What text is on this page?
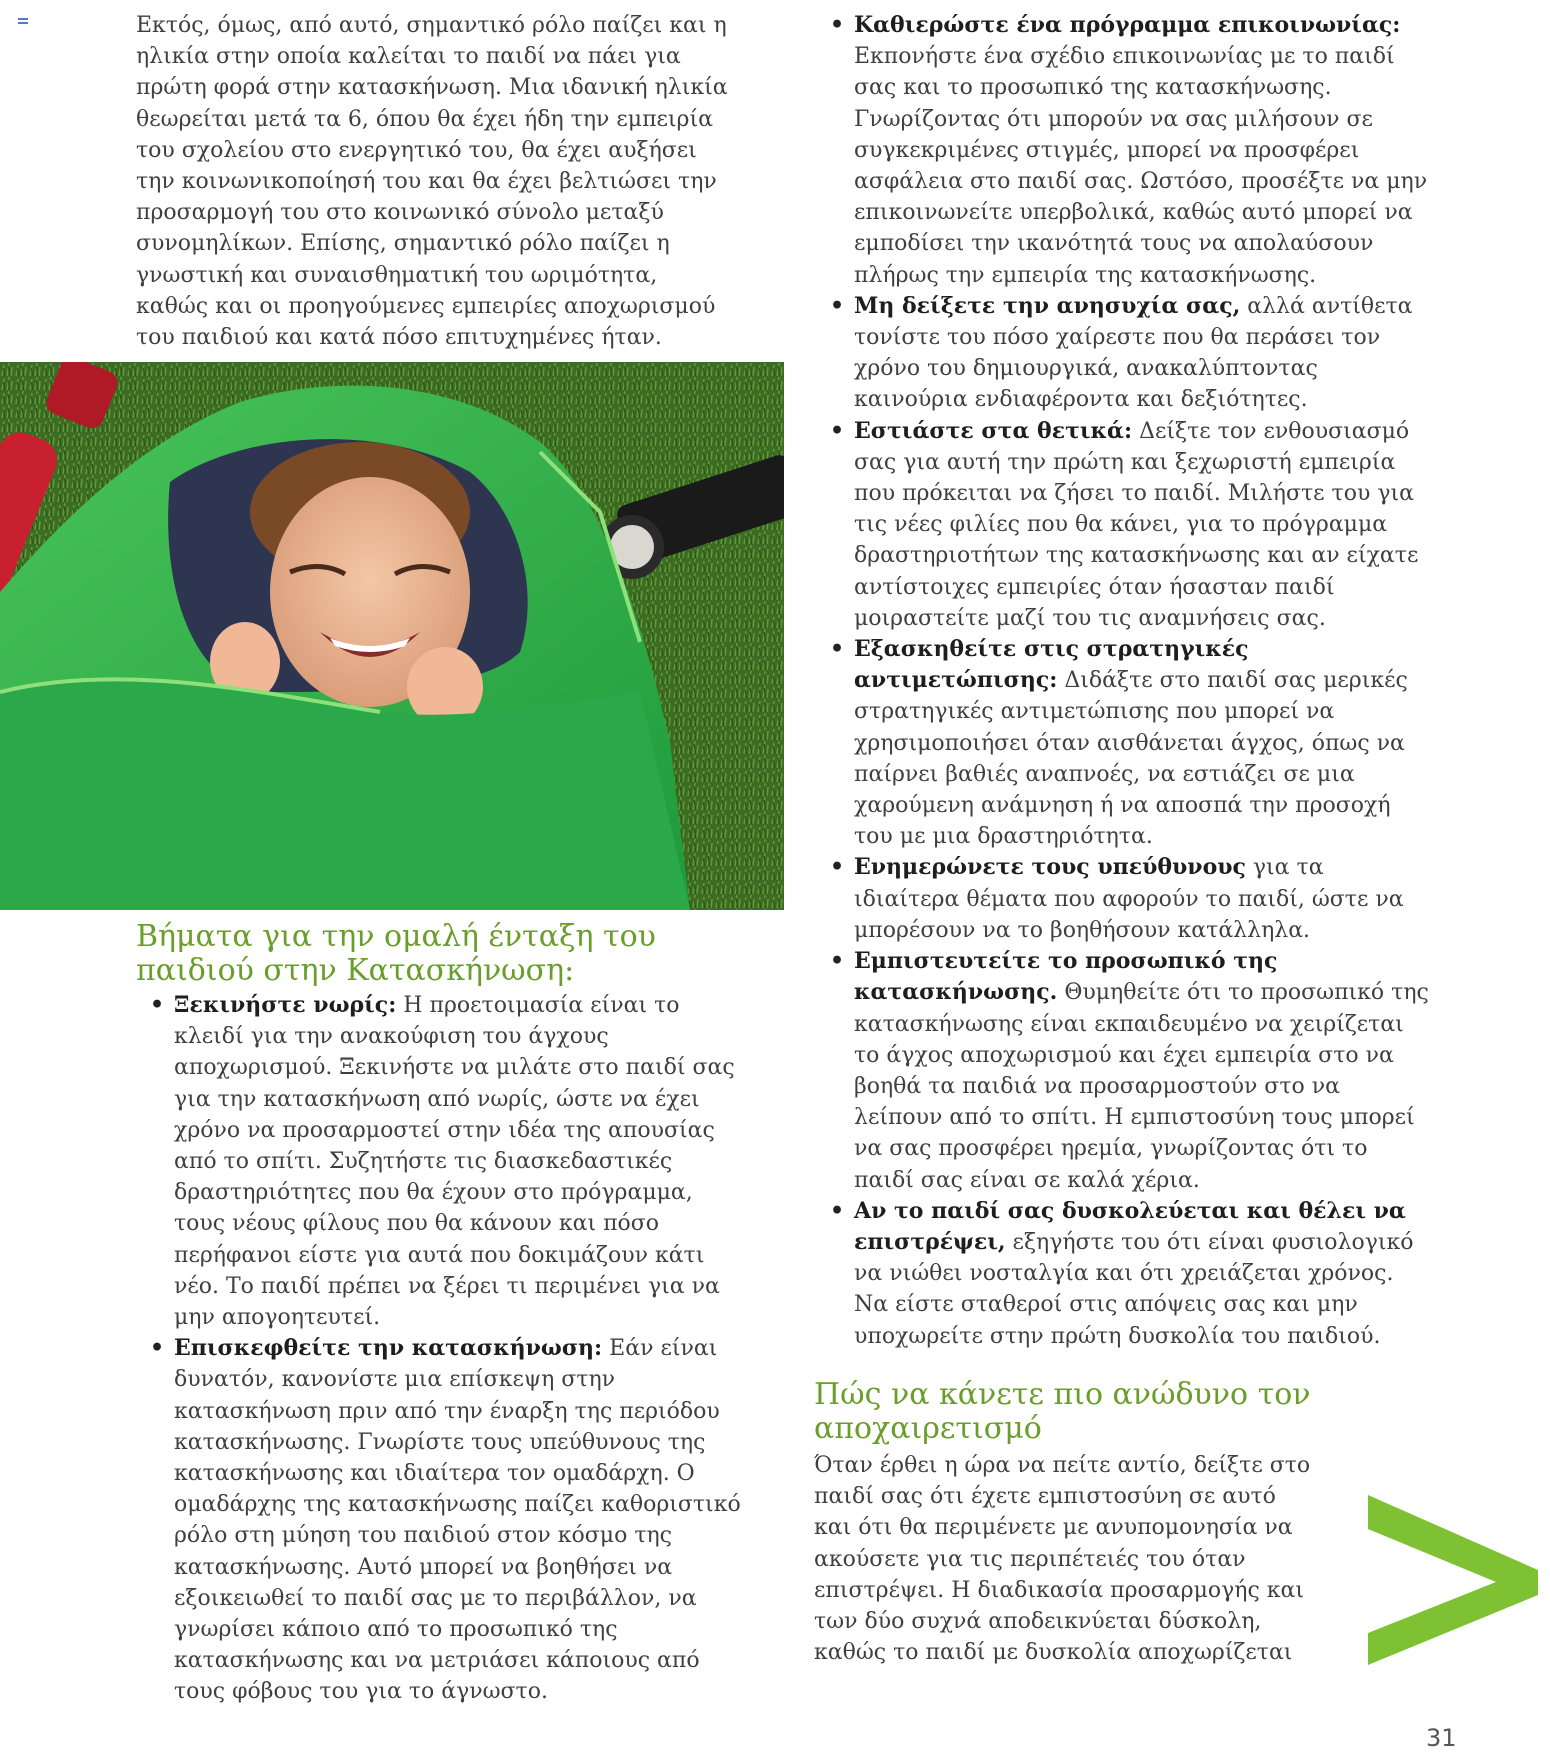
Εκτός, όμως, από αυτό, σημαντικό ρόλο παίζει και η ηλικία στην οποία καλείται το παιδί να πάει για πρώτη φορά στην κατασκήνωση. Μια ιδανική ηλικία θεωρείται μετά τα 6, όπου θα έχει ήδη την εμπειρία του σχολείου στο ενεργητικό του, θα έχει αυξήσει την κοινωνικοποίησή του και θα έχει βελτιώσει την προσαρμογή του στο κοινωνικό σύνολο μεταξύ συνομηλίκων. Επίσης, σημαντικό ρόλο παίζει η γνωστική και συναισθηματική του ωριμότητα, καθώς και οι προηγούμενες εμπειρίες αποχωρισμού του παιδιού και κατά πόσο επιτυχημένες ήταν.

Βήματα για την ομαλή ένταξη του παιδιού στην Κατασκήνωση:
• Ξεκινήστε νωρίς: Η προετοιμασία είναι το κλειδί για την ανακούφιση του άγχους αποχωρισμού. Ξεκινήστε να μιλάτε στο παιδί σας για την κατασκήνωση από νωρίς, ώστε να έχει χρόνο να προσαρμοστεί στην ιδέα της απουσίας από το σπίτι. Συζητήστε τις διασκεδαστικές δραστηριότητες που θα έχουν στο πρόγραμμα, τους νέους φίλους που θα κάνουν και πόσο περήφανοι είστε για αυτά που δοκιμάζουν κάτι νέο. Το παιδί πρέπει να ξέρει τι περιμένει για να μην απογοητευτεί.
• Επισκεφθείτε την κατασκήνωση: Εάν είναι δυνατόν, κανονίστε μια επίσκεψη στην κατασκήνωση πριν από την έναρξη της περιόδου κατασκήνωσης. Γνωρίστε τους υπεύθυνους της κατασκήνωσης και ιδιαίτερα τον ομαδάρχη. Ο ομαδάρχης της κατασκήνωσης παίζει καθοριστικό ρόλο στη μύηση του παιδιού στον κόσμο της κατασκήνωσης. Αυτό μπορεί να βοηθήσει να εξοικειωθεί το παιδί σας με το περιβάλλον, να γνωρίσει κάποιο από το προσωπικό της κατασκήνωσης και να μετριάσει κάποιους από τους φόβους του για το άγνωστο.
• Καθιερώστε ένα πρόγραμμα επικοινωνίας: Εκπονήστε ένα σχέδιο επικοινωνίας με το παιδί σας και το προσωπικό της κατασκήνωσης. Γνωρίζοντας ότι μπορούν να σας μιλήσουν σε συγκεκριμένες στιγμές, μπορεί να προσφέρει ασφάλεια στο παιδί σας. Ωστόσο, προσέξτε να μην επικοινωνείτε υπερβολικά, καθώς αυτό μπορεί να εμποδίσει την ικανότητά τους να απολαύσουν πλήρως την εμπειρία της κατασκήνωσης.
• Μη δείξετε την ανησυχία σας, αλλά αντίθετα τονίστε του πόσο χαίρεστε που θα περάσει τον χρόνο του δημιουργικά, ανακαλύπτοντας καινούρια ενδιαφέροντα και δεξιότητες.
• Εστιάστε στα θετικά: Δείξτε τον ενθουσιασμό σας για αυτή την πρώτη και ξεχωριστή εμπειρία που πρόκειται να ζήσει το παιδί. Μιλήστε του για τις νέες φιλίες που θα κάνει, για το πρόγραμμα δραστηριοτήτων της κατασκήνωσης και αν είχατε αντίστοιχες εμπειρίες όταν ήσασταν παιδί μοιραστείτε μαζί του τις αναμνήσεις σας.
• Εξασκηθείτε στις στρατηγικές αντιμετώπισης: Διδάξτε στο παιδί σας μερικές στρατηγικές αντιμετώπισης που μπορεί να χρησιμοποιήσει όταν αισθάνεται άγχος, όπως να παίρνει βαθιές αναπνοές, να εστιάζει σε μια χαρούμενη ανάμνηση ή να αποσπά την προσοχή του με μια δραστηριότητα.
• Ενημερώνετε τους υπεύθυνους για τα ιδιαίτερα θέματα που αφορούν το παιδί, ώστε να μπορέσουν να το βοηθήσουν κατάλληλα.
• Εμπιστευτείτε το προσωπικό της κατασκήνωσης. Θυμηθείτε ότι το προσωπικό της κατασκήνωσης είναι εκπαιδευμένο να χειρίζεται το άγχος αποχωρισμού και έχει εμπειρία στο να βοηθά τα παιδιά να προσαρμοστούν στο να λείπουν από το σπίτι. Η εμπιστοσύνη τους μπορεί να σας προσφέρει ηρεμία, γνωρίζοντας ότι το παιδί σας είναι σε καλά χέρια.
• Αν το παιδί σας δυσκολεύεται και θέλει να επιστρέψει, εξηγήστε του ότι είναι φυσιολογικό να νιώθει νοσταλγία και ότι χρειάζεται χρόνος. Να είστε σταθεροί στις απόψεις σας και μην υποχωρείτε στην πρώτη δυσκολία του παιδιού.
Πώς να κάνετε πιο ανώδυνο τον αποχαιρετισμό

Όταν έρθει η ώρα να πείτε αντίο, δείξτε στο παιδί σας ότι έχετε εμπιστοσύνη σε αυτό και ότι θα περιμένετε με ανυπομονησία να ακούσετε για τις περιπέτειές του όταν επιστρέψει. Η διαδικασία προσαρμογής και των δύο συχνά αποδεικνύεται δύσκολη, καθώς το παιδί με δυσκολία αποχωρίζεται

31
